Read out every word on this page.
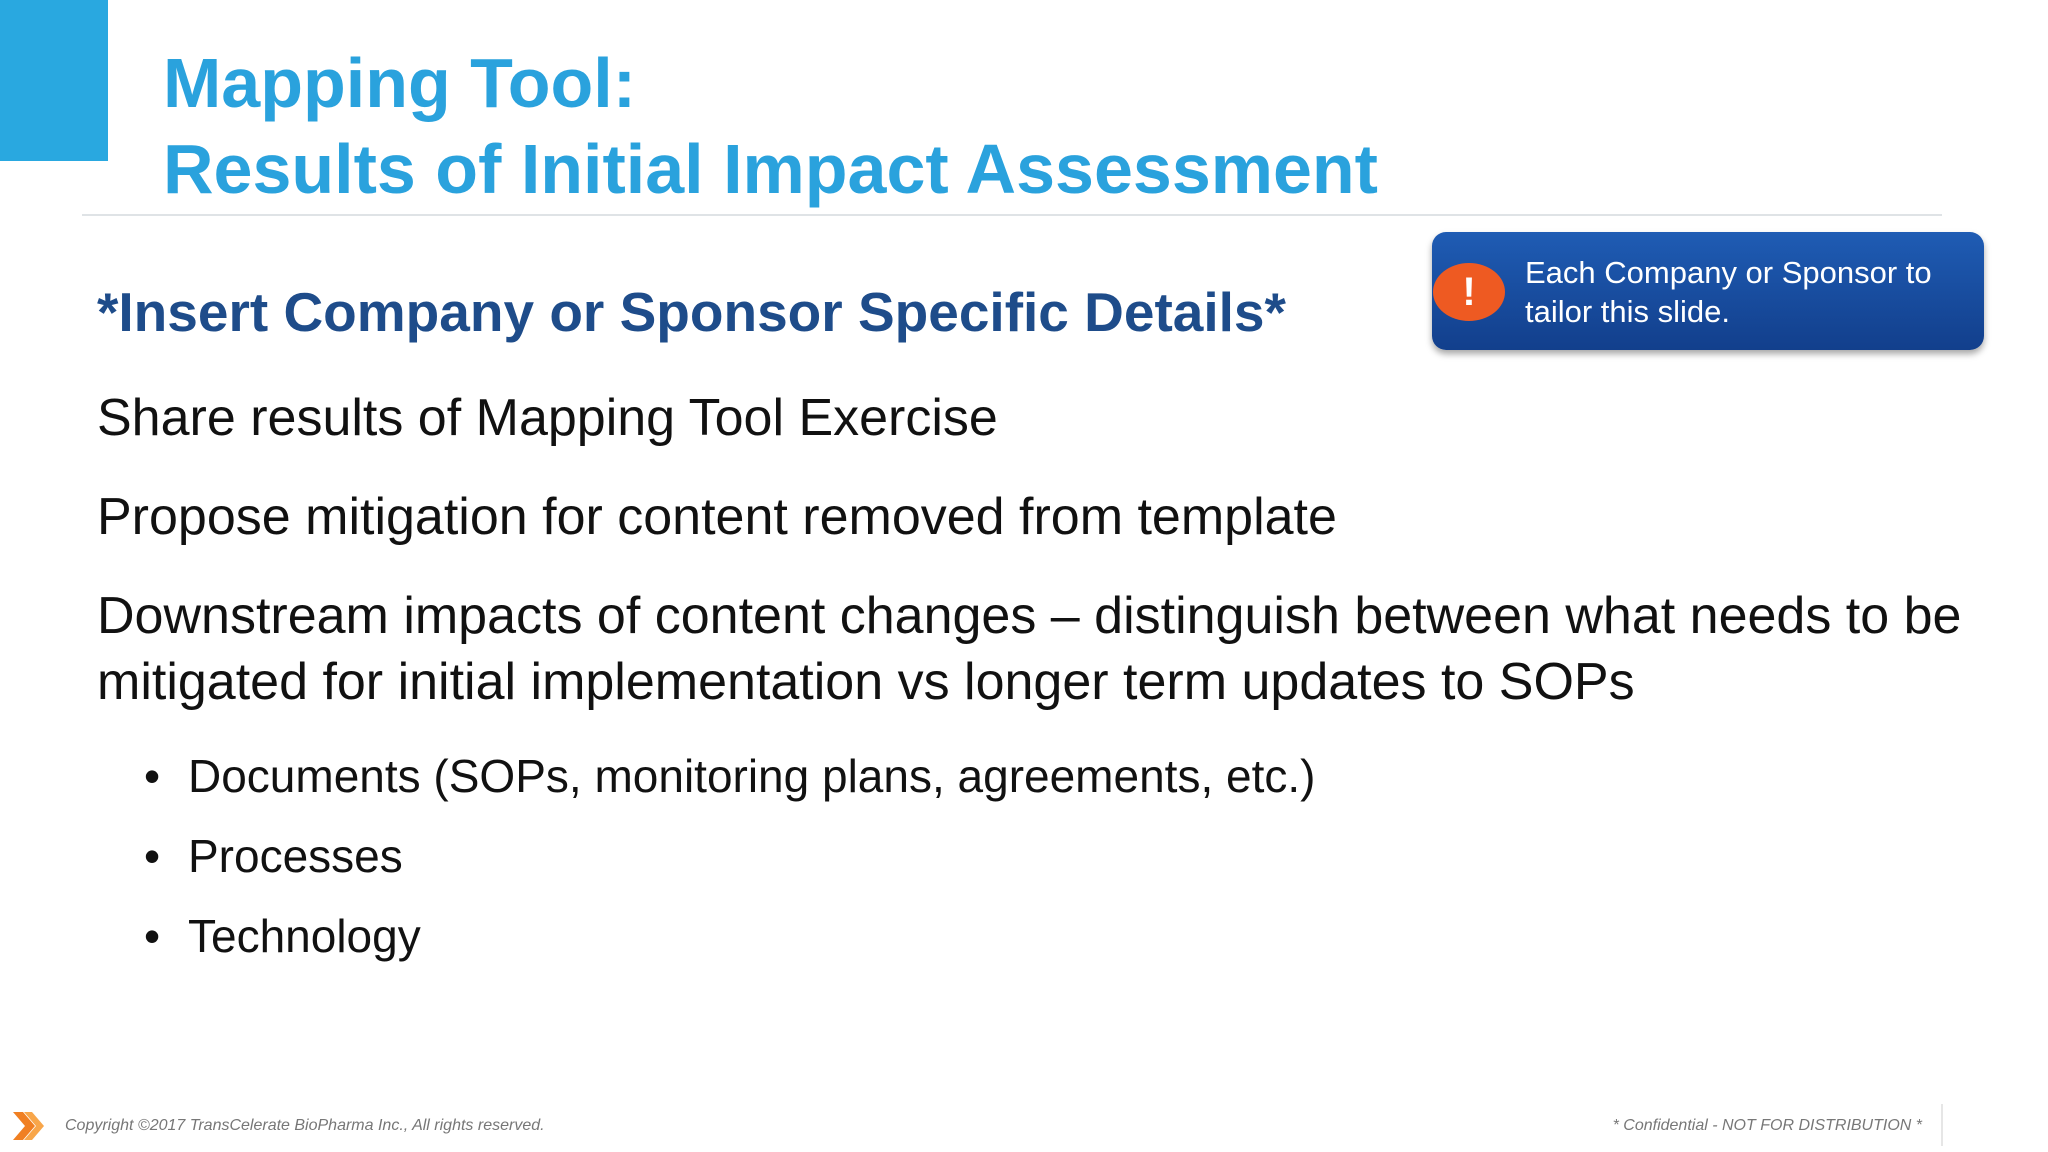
Mapping Tool:
Results of Initial Impact Assessment
*Insert Company or Sponsor Specific Details*	!	Each Company or Sponsor to tailor this slide.

Share results of Mapping Tool Exercise
Propose mitigation for content removed from template
Downstream impacts of content changes – distinguish between what needs to be mitigated for initial implementation vs longer term updates to SOPs
• Documents (SOPs, monitoring plans, agreements, etc.)
• Processes
• Technology

Copyright ©2017 TransCelerate BioPharma Inc., All rights reserved.	* Confidential - NOT FOR DISTRIBUTION *
